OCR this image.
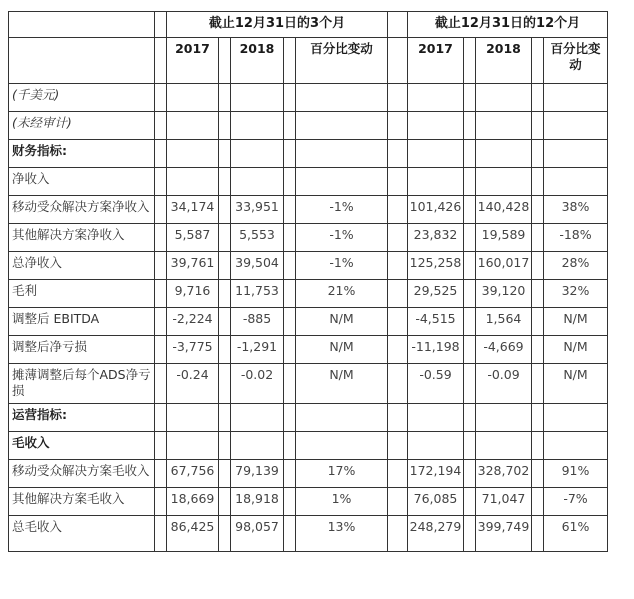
		截止12月31日的3个月						截止12月31日的12个月				
		2017		2018		百分比变动		2017		2018		百分比变动
(千美元)												
(未经审计)												
财务指标:												
净收入												
移动受众解决方案净收入		34,174		33,951		-1%		101,426		140,428		38%
其他解决方案净收入		5,587		5,553		-1%		23,832		19,589		-18%
总净收入		39,761		39,504		-1%		125,258		160,017		28%
毛利		9,716		11,753		21%		29,525		39,120		32%
调整后 EBITDA		-2,224		-885		N/M		-4,515		1,564		N/M
调整后净亏损		-3,775		-1,291		N/M		-11,198		-4,669		N/M
摊薄调整后每个ADS净亏损		-0.24		-0.02		N/M		-0.59		-0.09		N/M
运营指标:												
毛收入												
移动受众解决方案毛收入		67,756		79,139		17%		172,194		328,702		91%
其他解决方案毛收入		18,669		18,918		1%		76,085		71,047		-7%
总毛收入		86,425		98,057		13%		248,279		399,749		61%
